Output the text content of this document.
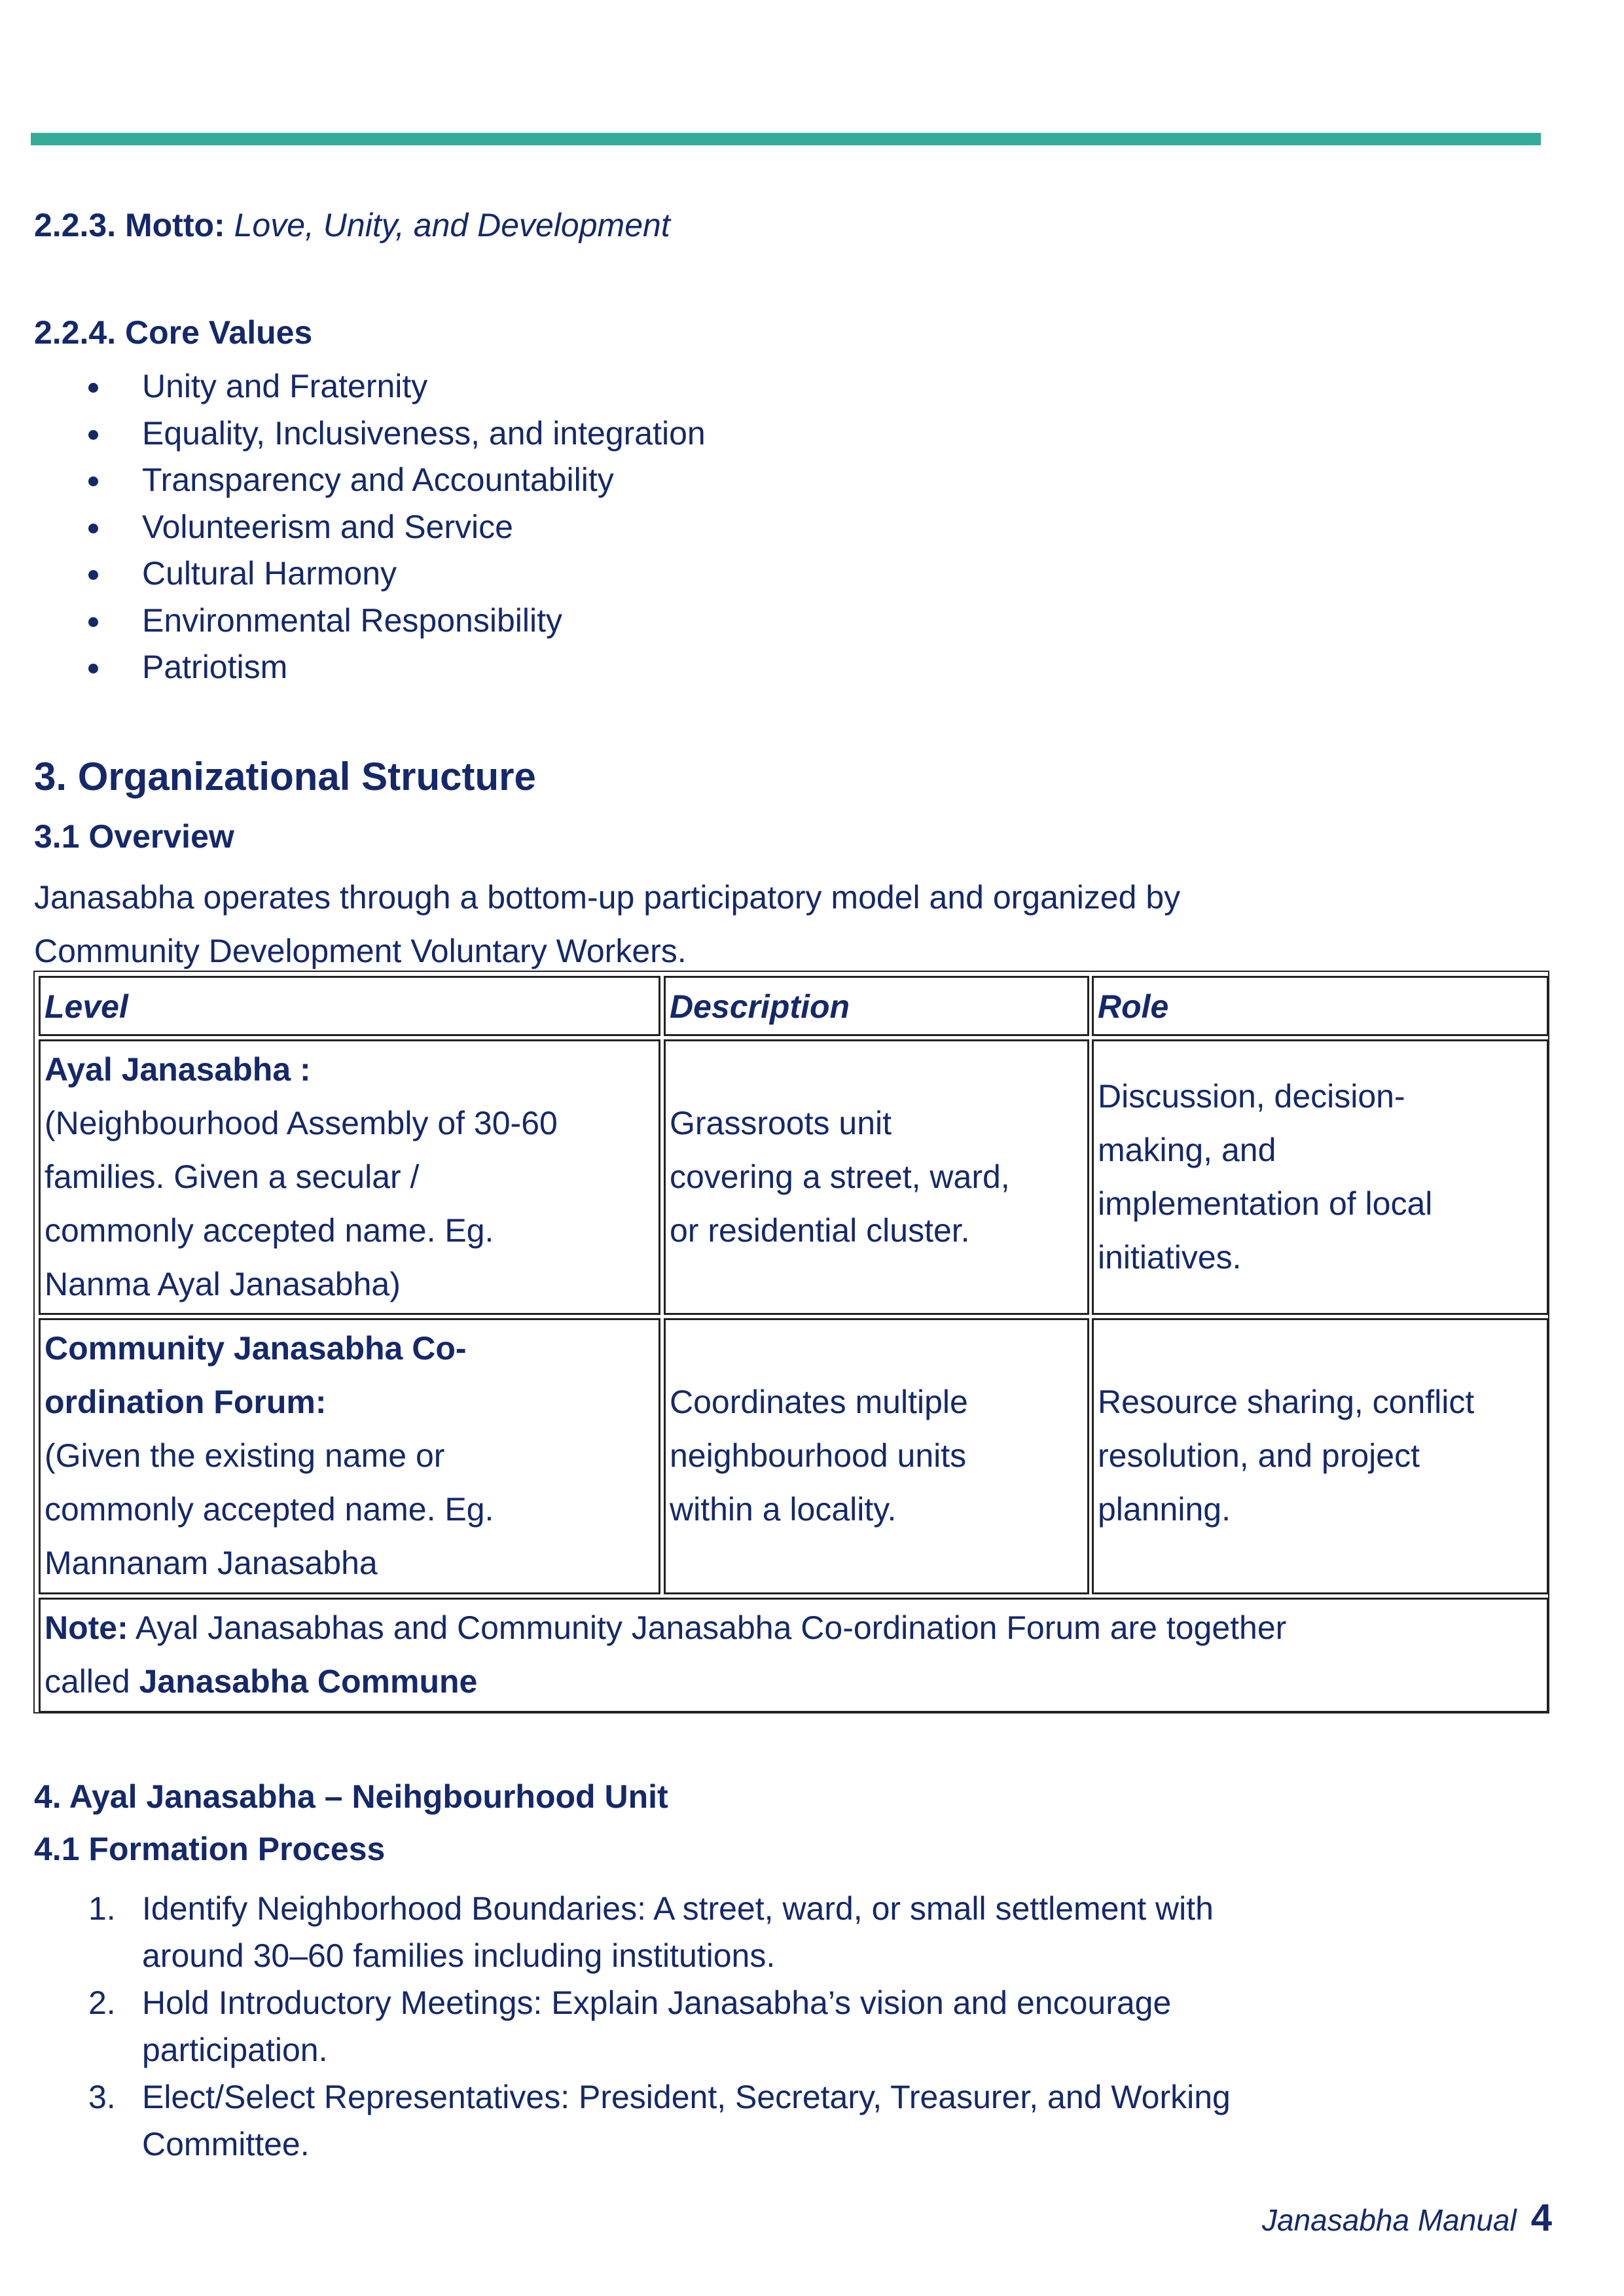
2.2.3. Motto: Love, Unity, and Development
2.2.4. Core Values
Unity and Fraternity
Equality, Inclusiveness, and integration
Transparency and Accountability
Volunteerism and Service
Cultural Harmony
Environmental Responsibility
Patriotism
3. Organizational Structure
3.1 Overview
Janasabha operates through a bottom-up participatory model and organized by
Community Development Voluntary Workers.
Level	Description	Role
Ayal Janasabha :
(Neighbourhood Assembly of 30-60
families. Given a secular /
commonly accepted name. Eg.
Nanma Ayal Janasabha)
Grassroots unit
covering a street, ward,
or residential cluster.
Discussion, decision-
making, and
implementation of local
initiatives.
Community Janasabha Co-
ordination Forum:
(Given the existing name or
commonly accepted name. Eg.
Mannanam Janasabha
Coordinates multiple
neighbourhood units
within a locality.
Resource sharing, conflict
resolution, and project
planning.
Note: Ayal Janasabhas and Community Janasabha Co-ordination Forum are together
called Janasabha Commune
4. Ayal Janasabha – Neihgbourhood Unit
4.1 Formation Process
1. Identify Neighborhood Boundaries: A street, ward, or small settlement with
around 30–60 families including institutions.
2. Hold Introductory Meetings: Explain Janasabha’s vision and encourage
participation.
3. Elect/Select Representatives: President, Secretary, Treasurer, and Working
Committee.
Janasabha Manual 4
